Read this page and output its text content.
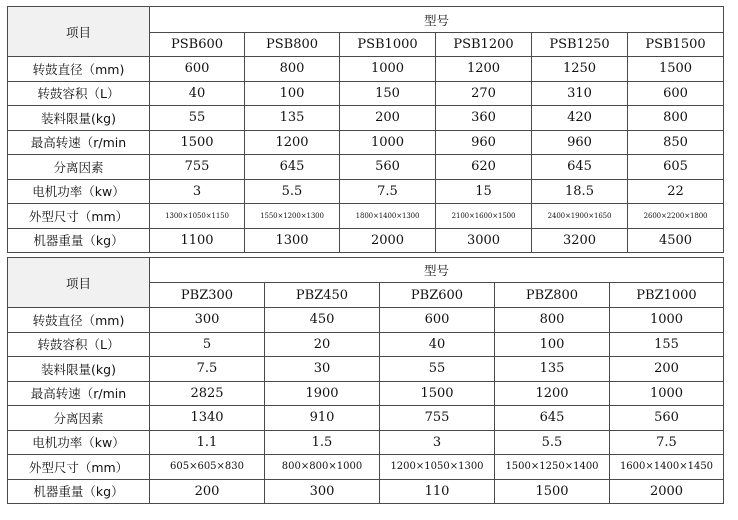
项目	型号					
	PSB600	PSB800	PSB1000	PSB1200	PSB1250	PSB1500
转鼓直径（mm)	600	800	1000	1200	1250	1500
转鼓容积（L）	40	100	150	270	310	600
装料限量(kg)	55	135	200	360	420	800
最高转速（r/min	1500	1200	1000	960	960	850
分离因素	755	645	560	620	645	605
电机功率（kw）	3	5.5	7.5	15	18.5	22
外型尺寸（mm）	1300×1050×1150	1550×1200×1300	1800×1400×1300	2100×1600×1500	2400×1900×1650	2600×2200×1800
机器重量（kg）	1100	1300	2000	3000	3200	4500
项目	型号				
	PBZ300	PBZ450	PBZ600	PBZ800	PBZ1000
转鼓直径（mm)	300	450	600	800	1000
转鼓容积（L）	5	20	40	100	155
装料限量(kg)	7.5	30	55	135	200
最高转速（r/min	2825	1900	1500	1200	1000
分离因素	1340	910	755	645	560
电机功率（kw）	1.1	1.5	3	5.5	7.5
外型尺寸（mm）	605×605×830	800×800×1000	1200×1050×1300	1500×1250×1400	1600×1400×1450
机器重量（kg）	200	300	110	1500	2000
